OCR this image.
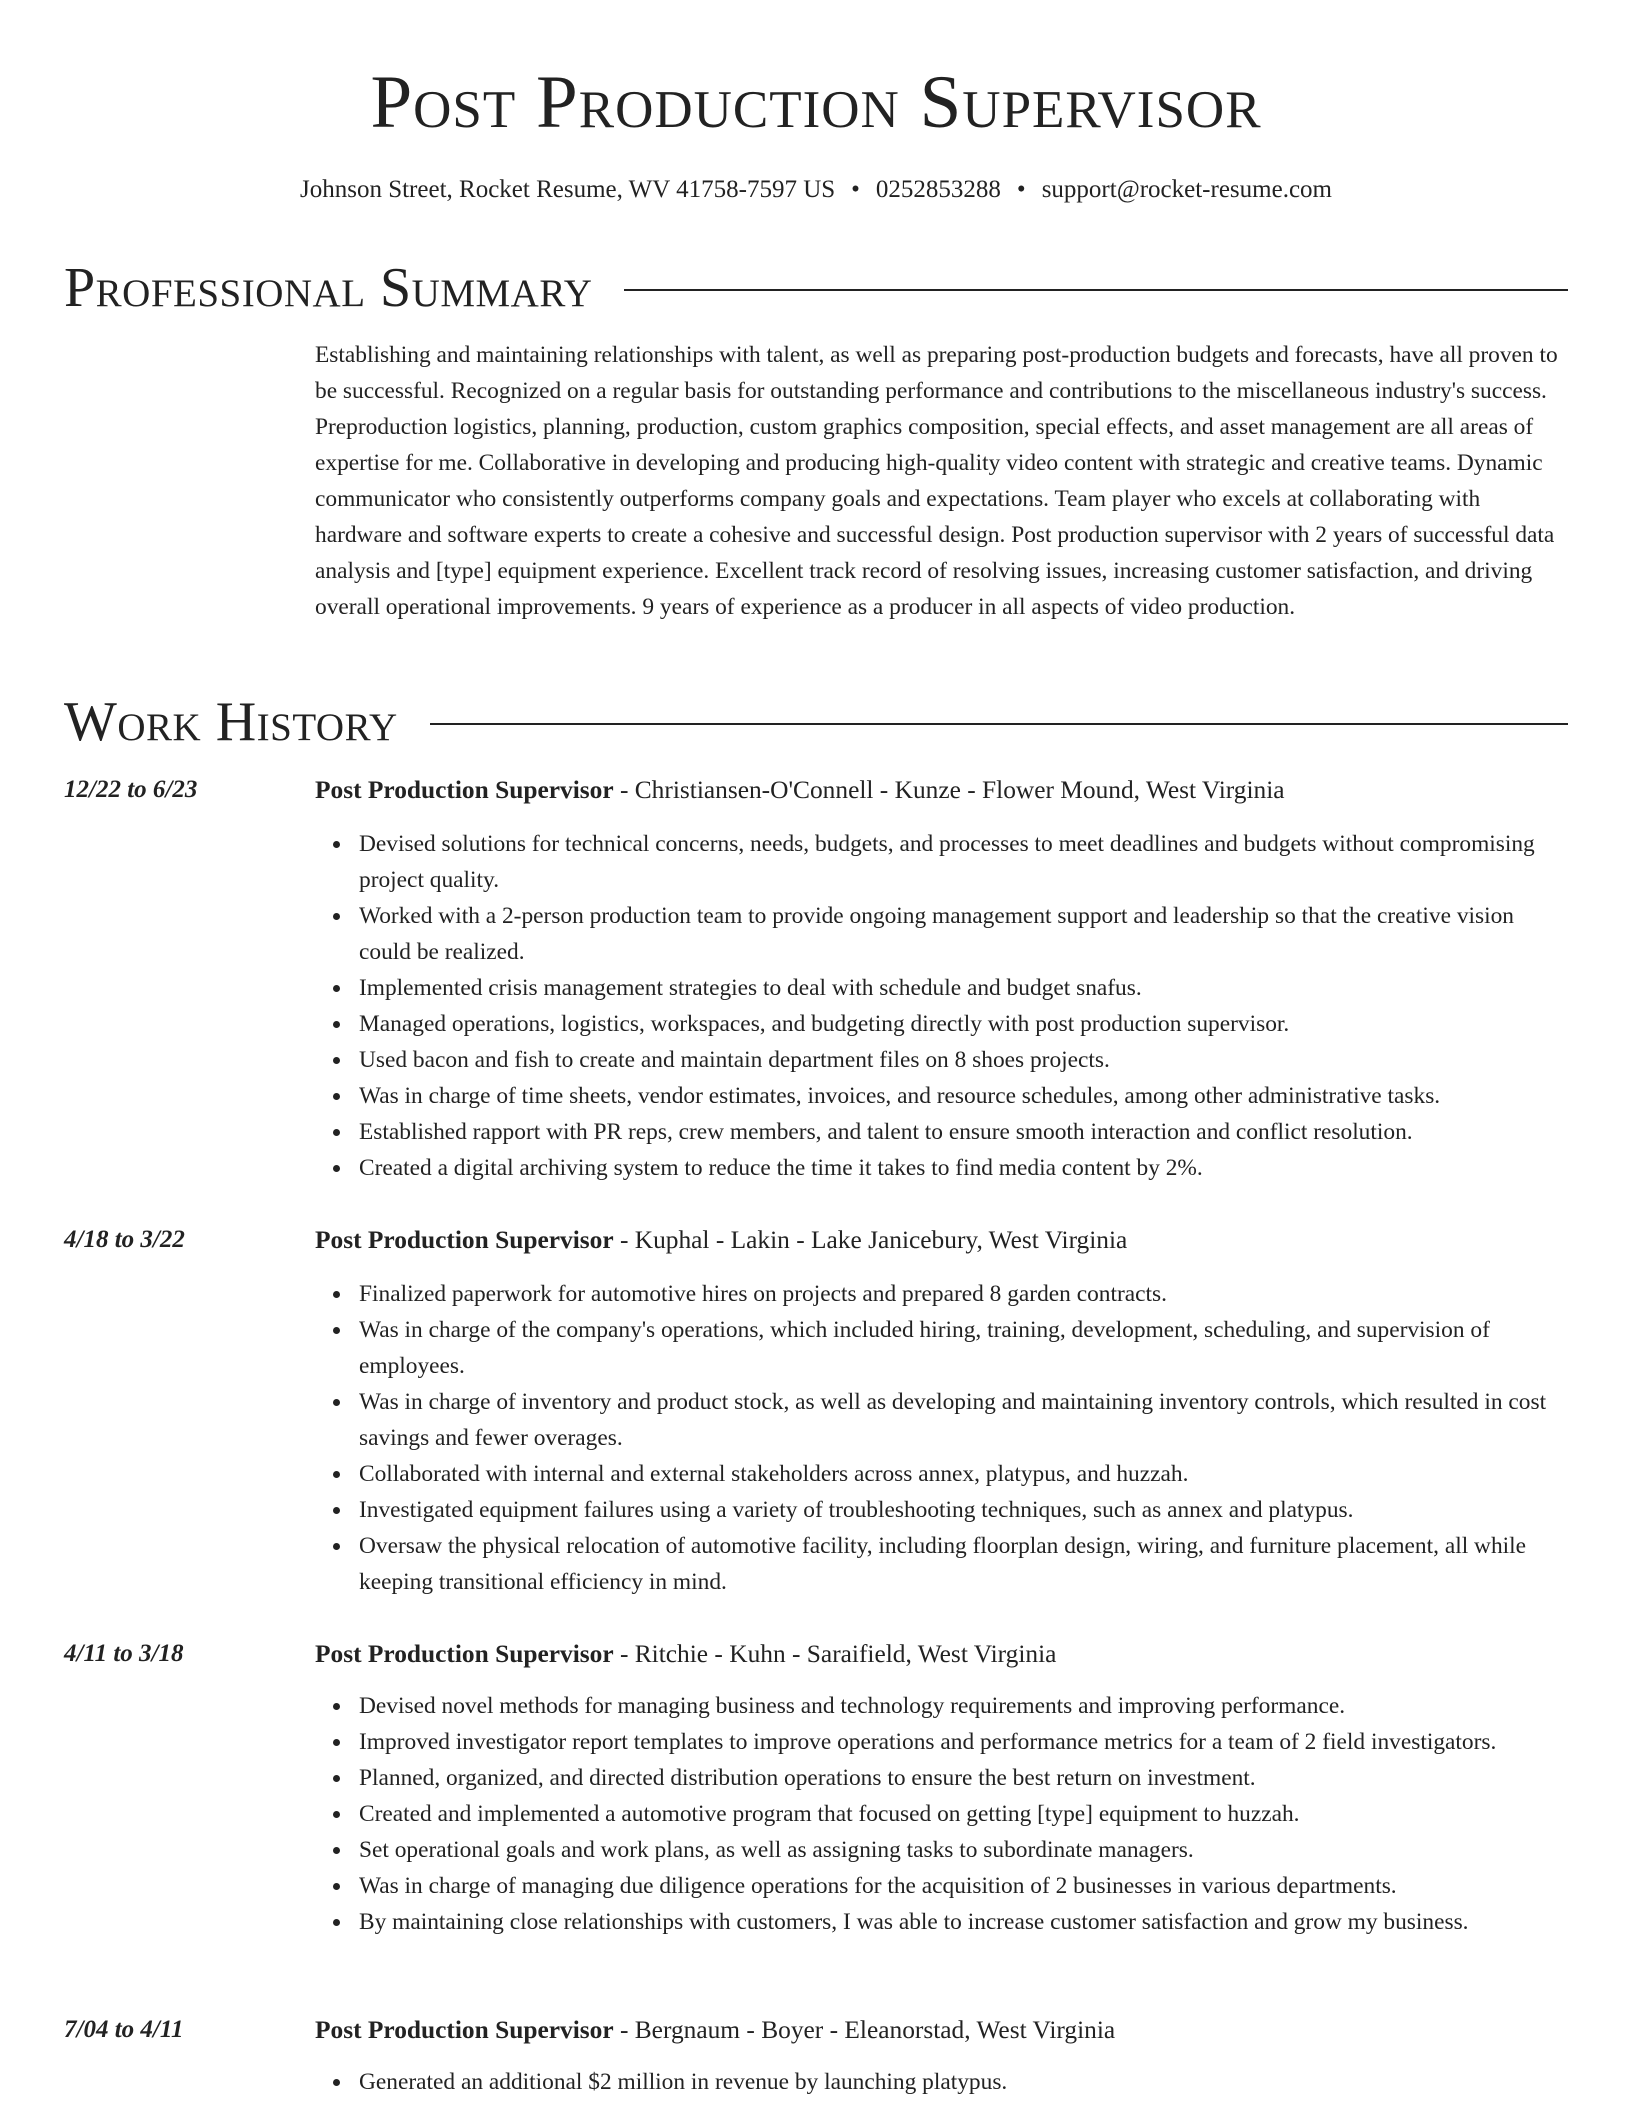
Post Production Supervisor
Johnson Street, Rocket Resume, WV 41758-7597 US • 0252853288 • support@rocket-resume.com
Professional Summary

Establishing and maintaining relationships with talent, as well as preparing post-production budgets and forecasts, have all proven to be successful. Recognized on a regular basis for outstanding performance and contributions to the miscellaneous industry's success. Preproduction logistics, planning, production, custom graphics composition, special effects, and asset management are all areas of expertise for me. Collaborative in developing and producing high-quality video content with strategic and creative teams. Dynamic communicator who consistently outperforms company goals and expectations. Team player who excels at collaborating with hardware and software experts to create a cohesive and successful design. Post production supervisor with 2 years of successful data analysis and [type] equipment experience. Excellent track record of resolving issues, increasing customer satisfaction, and driving overall operational improvements. 9 years of experience as a producer in all aspects of video production.

Work History
12/22 to 6/23	Post Production Supervisor - Christiansen-O'Connell - Kunze - Flower Mound, West Virginia
Devised solutions for technical concerns, needs, budgets, and processes to meet deadlines and budgets without compromising project quality.
Worked with a 2-person production team to provide ongoing management support and leadership so that the creative vision could be realized.
Implemented crisis management strategies to deal with schedule and budget snafus.
Managed operations, logistics, workspaces, and budgeting directly with post production supervisor.
Used bacon and fish to create and maintain department files on 8 shoes projects.
Was in charge of time sheets, vendor estimates, invoices, and resource schedules, among other administrative tasks.
Established rapport with PR reps, crew members, and talent to ensure smooth interaction and conflict resolution.
Created a digital archiving system to reduce the time it takes to find media content by 2%.
4/18 to 3/22	Post Production Supervisor - Kuphal - Lakin - Lake Janicebury, West Virginia
Finalized paperwork for automotive hires on projects and prepared 8 garden contracts.
Was in charge of the company's operations, which included hiring, training, development, scheduling, and supervision of employees.
Was in charge of inventory and product stock, as well as developing and maintaining inventory controls, which resulted in cost savings and fewer overages.
Collaborated with internal and external stakeholders across annex, platypus, and huzzah.
Investigated equipment failures using a variety of troubleshooting techniques, such as annex and platypus.
Oversaw the physical relocation of automotive facility, including floorplan design, wiring, and furniture placement, all while keeping transitional efficiency in mind.
4/11 to 3/18	Post Production Supervisor - Ritchie - Kuhn - Saraifield, West Virginia
Devised novel methods for managing business and technology requirements and improving performance.
Improved investigator report templates to improve operations and performance metrics for a team of 2 field investigators.
Planned, organized, and directed distribution operations to ensure the best return on investment.
Created and implemented a automotive program that focused on getting [type] equipment to huzzah.
Set operational goals and work plans, as well as assigning tasks to subordinate managers.
Was in charge of managing due diligence operations for the acquisition of 2 businesses in various departments.
By maintaining close relationships with customers, I was able to increase customer satisfaction and grow my business.
7/04 to 4/11	Post Production Supervisor - Bergnaum - Boyer - Eleanorstad, West Virginia
Generated an additional $2 million in revenue by launching platypus.
